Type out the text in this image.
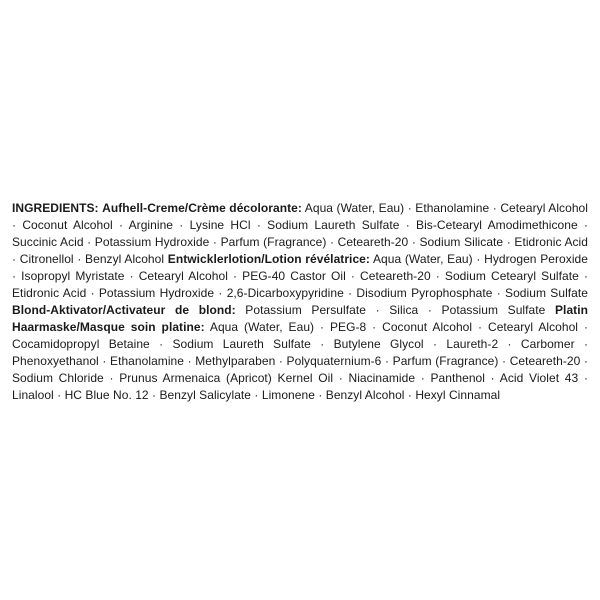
INGREDIENTS: Aufhell-Creme/Crème décolorante: Aqua (Water, Eau) · Ethanolamine · Cetearyl Alcohol · Coconut Alcohol · Arginine · Lysine HCl · Sodium Laureth Sulfate · Bis-Cetearyl Amodimethicone · Succinic Acid · Potassium Hydroxide · Parfum (Fragrance) · Ceteareth-20 · Sodium Silicate · Etidronic Acid · Citronellol · Benzyl Alcohol Entwicklerlotion/Lotion révélatrice: Aqua (Water, Eau) · Hydrogen Peroxide · Isopropyl Myristate · Cetearyl Alcohol · PEG-40 Castor Oil · Ceteareth-20 · Sodium Cetearyl Sulfate · Etidronic Acid · Potassium Hydroxide · 2,6-Dicarboxypyridine · Disodium Pyrophosphate · Sodium Sulfate Blond-Aktivator/Activateur de blond: Potassium Persulfate · Silica · Potassium Sulfate Platin Haarmaske/Masque soin platine: Aqua (Water, Eau) · PEG-8 · Coconut Alcohol · Cetearyl Alcohol · Cocamidopropyl Betaine · Sodium Laureth Sulfate · Butylene Glycol · Laureth-2 · Carbomer · Phenoxyethanol · Ethanolamine · Methylparaben · Polyquaternium-6 · Parfum (Fragrance) · Ceteareth-20 · Sodium Chloride · Prunus Armenaica (Apricot) Kernel Oil · Niacinamide · Panthenol · Acid Violet 43 · Linalool · HC Blue No. 12 · Benzyl Salicylate · Limonene · Benzyl Alcohol · Hexyl Cinnamal
